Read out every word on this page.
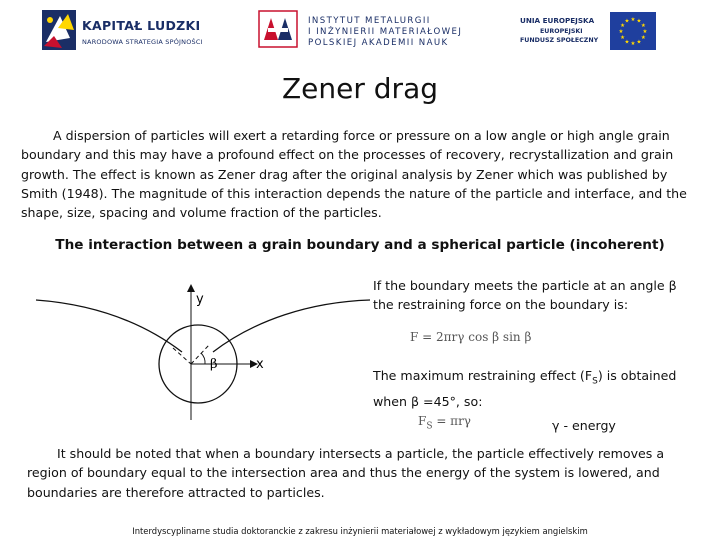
KAPITAŁ LUDZKI
NARODOWA STRATEGIA SPÓJNOŚCI
INSTYTUT METALURGII
I INŻYNIERII MATERIAŁOWEJ
POLSKIEJ AKADEMII NAUK
UNIA EUROPEJSKA
EUROPEJSKI
FUNDUSZ SPOŁECZNY
★ ★
★
★
★
★
★
★
★
★
★
★
Zener drag

A dispersion of particles will exert a retarding force or pressure on a low angle or high angle grain boundary and this may have a profound effect on the processes of recovery, recrystallization and grain growth. The effect is known as Zener drag after the original analysis by Zener which was published by Smith (1948). The magnitude of this interaction depends the nature of the particle and interface, and the shape, size, spacing and volume fraction of the particles.

The interaction between a grain boundary and a spherical particle (incoherent)

y
x
β

If the boundary meets the particle at an angle β the restraining force on the boundary is:

F = 2πrγ cos β sin β

The maximum restraining effect $(F_S)$ is obtained when β =45°, so:

$F_S = \pi r\gamma$	γ - energy

It should be noted that when a boundary intersects a particle, the particle effectively removes a region of boundary equal to the intersection area and thus the energy of the system is lowered, and boundaries are therefore attracted to particles.

Interdyscyplinarne studia doktoranckie z zakresu inżynierii materiałowej z wykładowym językiem angielskim
